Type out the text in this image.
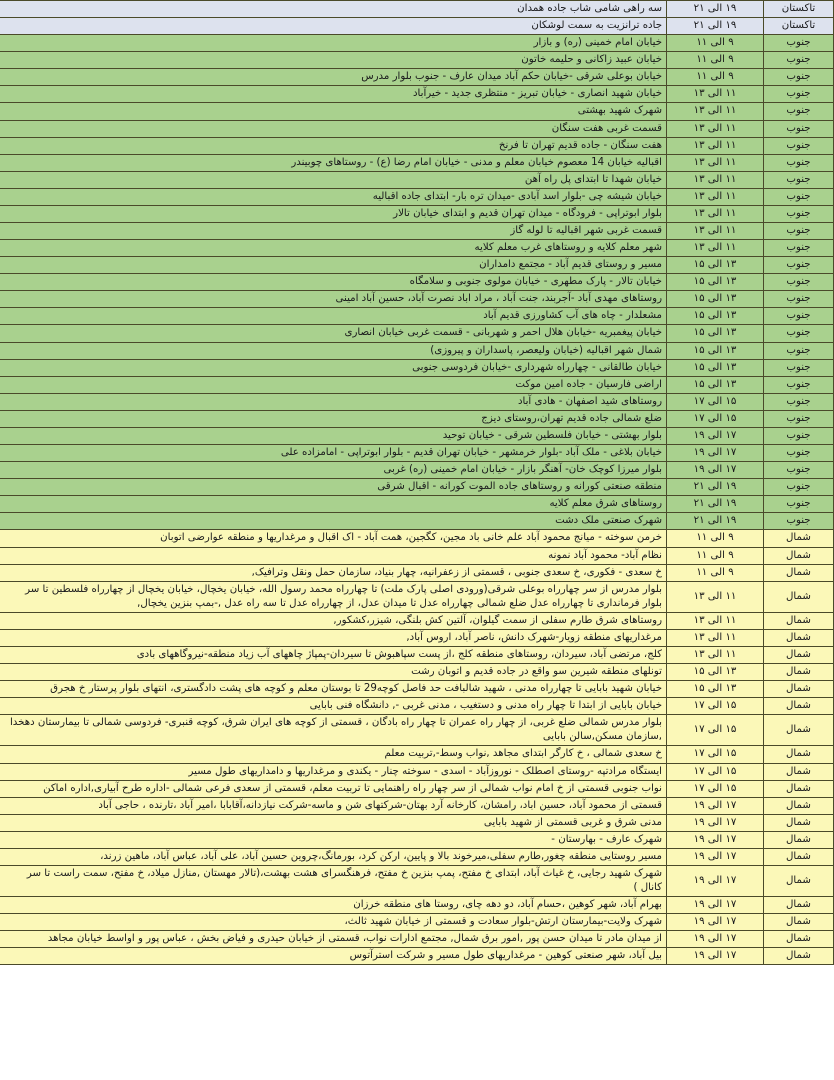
تاکستان	۱۹ الی ۲۱	سه راهی شامی شاب جاده همدان
تاکستان	۱۹ الی ۲۱	جاده ترانزیت به سمت لوشکان
جنوب	۹ الی ۱۱	خیابان امام خمینی (ره) و بازار
جنوب	۹ الی ۱۱	خیابان عبید زاکانی و حلیمه خاتون
جنوب	۹ الی ۱۱	خیابان بوعلی شرقی -خیابان حکم آباد میدان عارف - جنوب بلوار مدرس
جنوب	۱۱ الی ۱۳	خیابان شهید انصاری - خیابان تبریز - منتظری جدید - خیرآباد
جنوب	۱۱ الی ۱۳	شهرک شهید بهشتی
جنوب	۱۱ الی ۱۳	قسمت غربی هفت سنگان
جنوب	۱۱ الی ۱۳	هفت سنگان - جاده قدیم تهران تا فرنخ
جنوب	۱۱ الی ۱۳	اقبالیه خیابان 14 معصوم خیابان معلم و مدنی - خیابان امام رضا (ع) - روستاهای چوبیندر
جنوب	۱۱ الی ۱۳	خیابان شهدا تا ابتدای پل راه آهن
جنوب	۱۱ الی ۱۳	خیابان شیشه چی -بلوار اسد آبادی -میدان تره بار- ابتدای جاده اقبالیه
جنوب	۱۱ الی ۱۳	بلوار ابوتراپی - فرودگاه - میدان تهران قدیم و ابتدای خیابان تالار
جنوب	۱۱ الی ۱۳	قسمت غربی شهر اقبالیه تا لوله گاز
جنوب	۱۱ الی ۱۳	شهر معلم کلایه و روستاهای غرب معلم کلایه
جنوب	۱۳ الی ۱۵	مسیر و روستای قدیم آباد - مجتمع دامداران
جنوب	۱۳ الی ۱۵	خیابان تالار - پارک مطهری - خیابان مولوی جنوبی و سلامگاه
جنوب	۱۳ الی ۱۵	روستاهای مهدی آباد -آجربند، جنت آباد ، مراد اباد نصرت آباد، حسین آباد امینی
جنوب	۱۳ الی ۱۵	مشعلدار - چاه های آب کشاورزی قدیم آباد
جنوب	۱۳ الی ۱۵	خیابان پیغمبریه -خیابان هلال احمر و شهربانی - قسمت غربی خیابان انصاری
جنوب	۱۳ الی ۱۵	شمال شهر اقبالیه (خیابان ولیعصر، پاسداران و پیروزی)
جنوب	۱۳ الی ۱۵	خیابان طالقانی - چهارراه شهرداری -خیابان فردوسی جنوبی
جنوب	۱۳ الی ۱۵	اراضی فارسیان - جاده امین موکت
جنوب	۱۵ الی ۱۷	روستاهای شید اصفهان - هادی آباد
جنوب	۱۵ الی ۱۷	ضلع شمالی جاده قدیم تهران،روستای دیزج
جنوب	۱۷ الی ۱۹	بلوار بهشتی - خیابان فلسطین شرقی - خیابان توحید
جنوب	۱۷ الی ۱۹	خیابان بلاغی - ملک آباد -بلوار خرمشهر - خیابان تهران قدیم - بلوار ابوتراپی - امامزاده علی
جنوب	۱۷ الی ۱۹	بلوار میرزا کوچک خان- آهنگر بازار - خیابان امام خمینی (ره) غربی
جنوب	۱۹ الی ۲۱	منطقه صنعتی کورانه و روستاهای جاده الموت کورانه - اقبال شرقی
جنوب	۱۹ الی ۲۱	روستاهای شرق معلم کلایه
جنوب	۱۹ الی ۲۱	شهرک صنعتی ملک دشت
شمال	۹ الی ۱۱	خرمن سوخته - میانج محمود آباد علم خانی باد مجین، کگجین، همت آباد - اک اقبال و مرغداریها و منطقه عوارضی اتوبان
شمال	۹ الی ۱۱	نظام آباد- محمود آباد نمونه
شمال	۹ الی ۱۱	خ سعدی - فکوری، خ سعدی جنوبی ، قسمتی از زعفرانیه، چهار بنیاد، سازمان حمل ونقل وترافیک,
شمال	۱۱ الی ۱۳	بلوار مدرس از سر چهارراه بوعلی شرقی(ورودی اصلی پارک ملت) تا چهارراه محمد رسول الله، خیابان یخچال، خیابان یخچال از چهارراه فلسطین تا سر بلوار فرمانداری تا چهارراه عدل ضلع شمالی چهارراه عدل تا میدان عدل، از چهارراه عدل تا سه راه عدل ,-بمپ بنزین یخچال,
شمال	۱۱ الی ۱۳	روستاهای شرق طارم سفلی از سمت گیلوان، آلتین کش بلنگی، شیزر،کشکور,
شمال	۱۱ الی ۱۳	مرغداریهای منطقه زویار-شهرک دانش، ناصر آباد، اروس آباد,
شمال	۱۱ الی ۱۳	کلج، مرتضی آباد، سیردان، روستاهای منطقه کلج ،از پست سپاهبوش تا سیردان-پمپاژ چاههای آب زیاد منطقه-نیروگاههای بادی
شمال	۱۳ الی ۱۵	تونلهای منطقه شیرین سو واقع در جاده قدیم و اتوبان رشت
شمال	۱۳ الی ۱۵	خیابان شهید بابایی تا چهارراه مدنی ، شهید شالبافت حد فاصل کوچه29 تا بوستان معلم و کوچه های پشت دادگستری، انتهای بلوار پرستار خ هجرق
شمال	۱۵ الی ۱۷	خیابان بابایی از ابتدا تا چهار راه مدنی و دستغیب ، مدنی غربی -, دانشگاه فنی بابایی
شمال	۱۵ الی ۱۷	بلوار مدرس شمالی ضلع غربی، از چهار راه عمران تا چهار راه بادگان ، قسمتی از کوچه های ایران شرق، کوچه قنبری- فردوسی شمالی تا بیمارستان دهخدا ,سازمان مسکن,سالن بابایی
شمال	۱۵ الی ۱۷	خ سعدی شمالی ، خ کارگر ابتدای مجاهد ,نواب وسط-,تربیت معلم
شمال	۱۵ الی ۱۷	ایستگاه مرادتپه -روستای اصطلک - نوروزآباد - اسدی - سوخته چنار - یکندی و مرغداریها و دامداریهای طول مسیر
شمال	۱۵ الی ۱۷	نواب جنوبی قسمتی از خ امام نواب شمالی از سر چهار راه راهنمایی تا تربیت معلم، قسمتی از سعدی فرعی شمالی -اداره طرح آبیاری,اداره اماکن
شمال	۱۷ الی ۱۹	قسمتی از محمود آباد، حسین اباد، رامشان، کارخانه آرد بهتان-شرکتهای شن و ماسه-شرکت نیازدانه،آقابابا ،امیر آباد ،تارنده ، حاجی آباد
شمال	۱۷ الی ۱۹	مدنی شرق و غربی قسمتی از شهید بابایی
شمال	۱۷ الی ۱۹	شهرک عارف - بهارستان -
شمال	۱۷ الی ۱۹	مسیر روستایی منطقه چغور,طارم سفلی،میرخوند بالا و پایین، ارکن کرد، بورمانگ،چروین حسین آباد، علی آباد، عباس آباد، ماهین زرند،
شمال	۱۷ الی ۱۹	شهرک شهید رجایی، خ غیاث آباد، ابتدای خ مفتح، پمپ بنزین خ مفتح، فرهنگسرای هشت بهشت،(تالار مهستان ,منازل میلاد، خ مفتح، سمت راست تا سر کانال )
شمال	۱۷ الی ۱۹	بهرام آباد، شهر کوهین ،حسام آباد، دو دهه چای، روستا های منطقه خرزان
شمال	۱۷ الی ۱۹	شهرک ولایت-بیمارستان ارتش-بلوار سعادت و قسمتی از خیابان شهید ثالث،
شمال	۱۷ الی ۱۹	از میدان مادر تا میدان حسن پور ,امور برق شمال, مجتمع ادارات نواب، قسمتی از خیابان حیدری و فیاض بخش ، عباس پور و اواسط خیابان مجاهد
شمال	۱۷ الی ۱۹	بیل آباد، شهر صنعتی کوهین - مرغداریهای طول مسیر و شرکت استرآتوس
